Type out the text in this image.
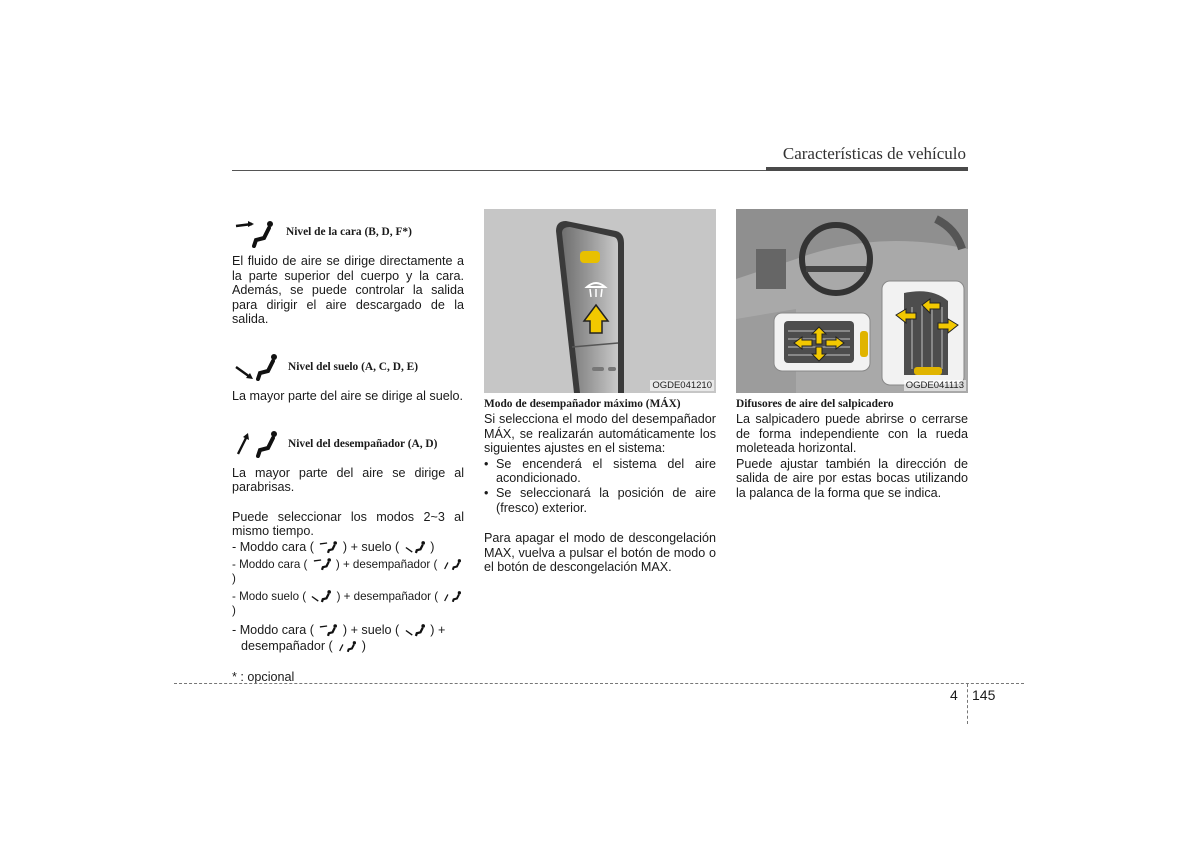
Características de vehículo
Nivel de la cara (B, D, F*)

El fluido de aire se dirige directamente a la parte superior del cuerpo y la cara. Además, se puede controlar la salida para dirigir el aire descargado de la salida.

Nivel del suelo (A, C, D, E)

La mayor parte del aire se dirige al suelo.

Nivel del desempañador (A, D)

La mayor parte del aire se dirige al parabrisas.

Puede seleccionar los modos 2~3 al mismo tiempo.

- Moddo cara ( ) + suelo ( )

- Moddo cara ( ) + desempañador (  )

- Modo suelo (	) + desempañador (  )

- Moddo cara ( ) + suelo ( ) +

desempañador ( )

* : opcional

OGDE041210

Modo de desempañador máximo (MÁX)

Si selecciona el modo del desempañador MÁX, se realizarán automáticamente los siguientes ajustes en el sistema:

• Se encenderá el sistema del aire acondicionado.
• Se seleccionará la posición de aire (fresco) exterior.

Para apagar el modo de descongelación MAX, vuelva a pulsar el botón de modo o el botón de descongelación MAX.

OGDE041113

Difusores de aire del salpicadero

La salpicadero puede abrirse o cerrarse de forma independiente con la rueda moleteada horizontal.

Puede ajustar también la dirección de salida de aire por estas bocas utilizando la palanca de la forma que se indica.

4 145
